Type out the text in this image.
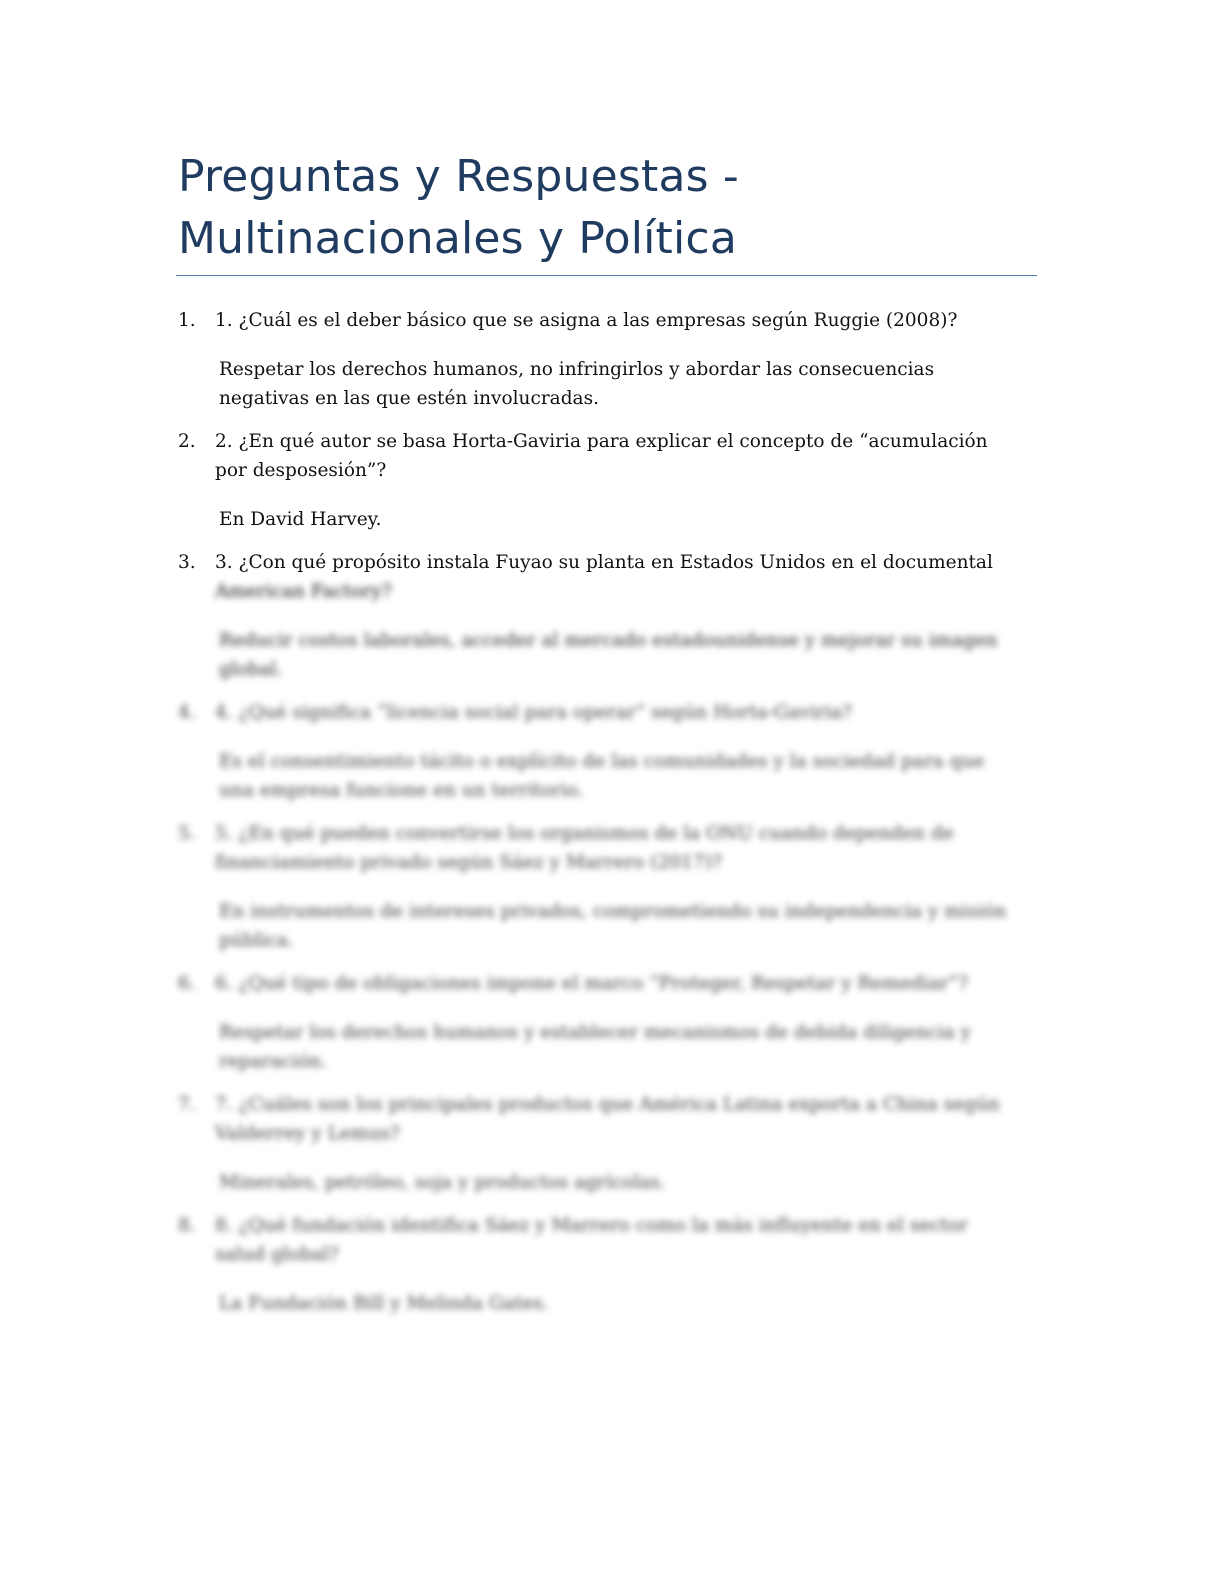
Preguntas y Respuestas - Multinacionales y Política
1. 1. ¿Cuál es el deber básico que se asigna a las empresas según Ruggie (2008)?

Respetar los derechos humanos, no infringirlos y abordar las consecuencias negativas en las que estén involucradas.

2. 2. ¿En qué autor se basa Horta-Gaviria para explicar el concepto de “acumulación por desposesión”?

En David Harvey.

3. 3. ¿Con qué propósito instala Fuyao su planta en Estados Unidos en el documental

American Factory?

Reducir costos laborales, acceder al mercado estadounidense y mejorar su imagen global.

4. 4. ¿Qué significa “licencia social para operar” según Horta-Gaviria?

Es el consentimiento tácito o explícito de las comunidades y la sociedad para que una empresa funcione en un territorio.

5. 5. ¿En qué pueden convertirse los organismos de la ONU cuando dependen de financiamiento privado según Sáez y Marrero (2017)?

En instrumentos de intereses privados, comprometiendo su independencia y misión pública.

6. 6. ¿Qué tipo de obligaciones impone el marco “Proteger, Respetar y Remediar”?

Respetar los derechos humanos y establecer mecanismos de debida diligencia y reparación.

7. 7. ¿Cuáles son los principales productos que América Latina exporta a China según Valderrey y Lemus?

Minerales, petróleo, soja y productos agrícolas.

8. 8. ¿Qué fundación identifica Sáez y Marrero como la más influyente en el sector salud global?

La Fundación Bill y Melinda Gates.
